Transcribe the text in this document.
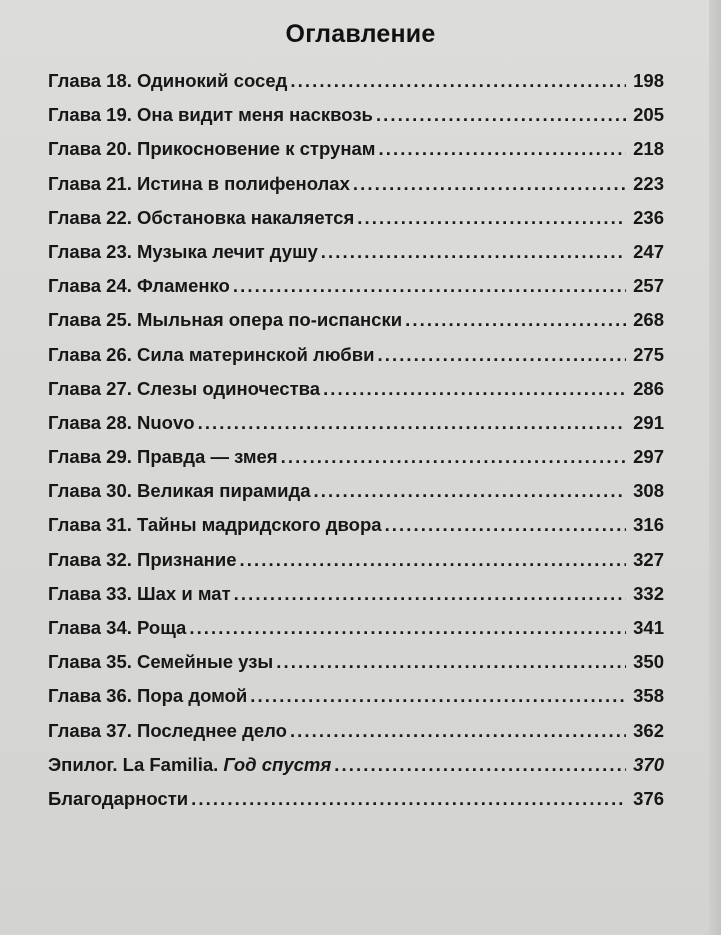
Оглавление
Глава 18. Одинокий сосед .....	198
Глава 19. Она видит меня насквозь .....	205
Глава 20. Прикосновение к струнам .....	218
Глава 21. Истина в полифенолах .....	223
Глава 22. Обстановка накаляется .....	236
Глава 23. Музыка лечит душу .....	247
Глава 24. Фламенко .....	257
Глава 25. Мыльная опера по-испански .....	268
Глава 26. Сила материнской любви .....	275
Глава 27. Слезы одиночества .....	286
Глава 28. Nuovo .....	291
Глава 29. Правда — змея .....	297
Глава 30. Великая пирамида .....	308
Глава 31. Тайны мадридского двора .....	316
Глава 32. Признание .....	327
Глава 33. Шах и мат .....	332
Глава 34. Роща .....	341
Глава 35. Семейные узы .....	350
Глава 36. Пора домой .....	358
Глава 37. Последнее дело .....	362
Эпилог. La Familia. Год спустя .....	370
Благодарности .....	376
